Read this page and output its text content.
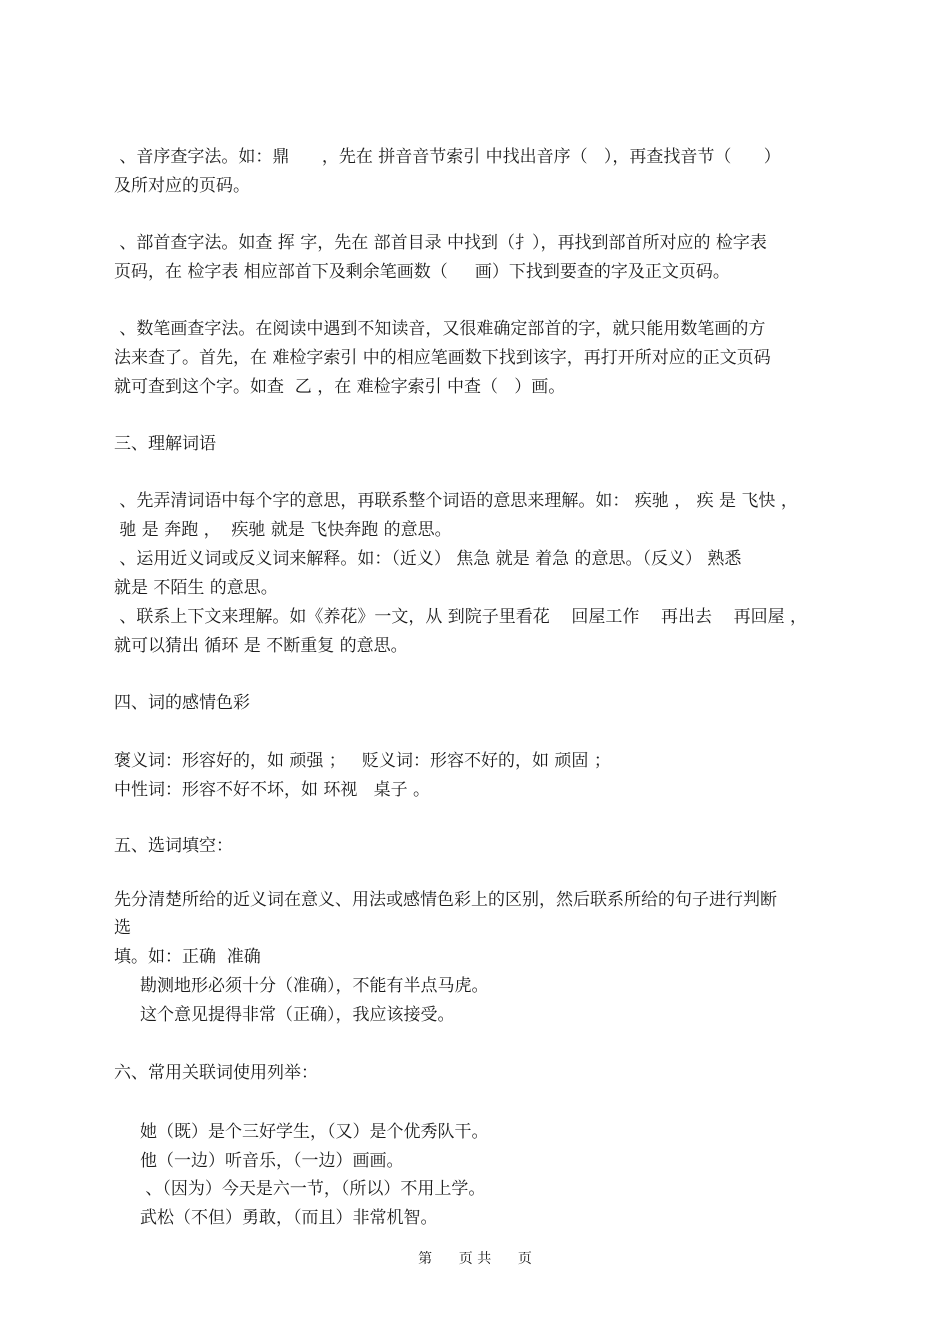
、音序查字法。如：鼎      ，先在 拼音音节索引 中找出音序（   ），再查找音节（      ）
及所对应的页码。
、部首查字法。如查 挥 字，先在 部首目录 中找到（扌），再找到部首所对应的 检字表
页码，在 检字表 相应部首下及剩余笔画数（     画）下找到要查的字及正文页码。
、数笔画查字法。在阅读中遇到不知读音，又很难确定部首的字，就只能用数笔画的方
法来查了。首先，在 难检字索引 中的相应笔画数下找到该字，再打开所对应的正文页码
就可查到这个字。如查  乙 ，在 难检字索引 中查（   ）画。
三、理解词语
、先弄清词语中每个字的意思，再联系整个词语的意思来理解。如： 疾驰 ， 疾 是 飞快 ，
驰 是 奔跑 ，  疾驰 就是 飞快奔跑 的意思。
、运用近义词或反义词来解释。如：（近义） 焦急 就是 着急 的意思。（反义） 熟悉
就是 不陌生 的意思。
、联系上下文来理解。如《养花》一文，从 到院子里看花    回屋工作    再出去    再回屋 ，
就可以猜出 循环 是 不断重复 的意思。
四、词的感情色彩
褒义词：形容好的，如 顽强 ；   贬义词：形容不好的，如 顽固 ；
中性词：形容不好不坏，如 环视   桌子 。
五、选词填空：
先分清楚所给的近义词在意义、用法或感情色彩上的区别，然后联系所给的句子进行判断
选
填。如：正确  准确
勘测地形必须十分（准确），不能有半点马虎。
这个意见提得非常（正确），我应该接受。
六、常用关联词使用列举：
她（既）是个三好学生，（又）是个优秀队干。
他（一边）听音乐，（一边）画画。
、（因为）今天是六一节，（所以）不用上学。
武松（不但）勇敢，（而且）非常机智。
第      页 共      页
